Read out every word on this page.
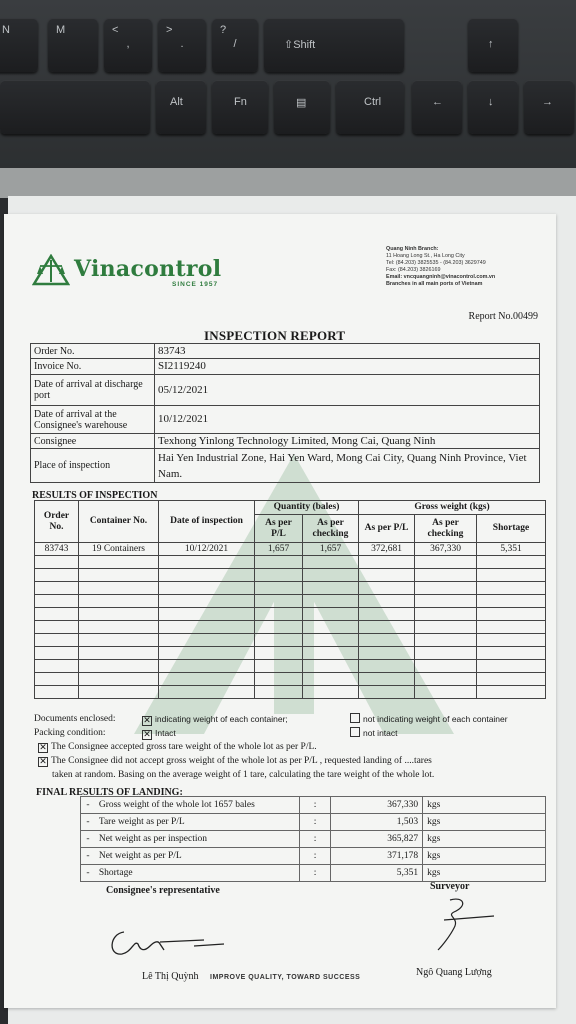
N	M	<
,
>
.
?
/	⇧Shift	↑
Alt	Fn	▤	Ctrl	←	↓	→
Vinacontrol
SINCE 1957
Quang Ninh Branch:
11 Hoang Long St., Ha Long City
Tel: (84.203) 3825535 - (84.203) 3629749
Fax: (84.203) 3826169
Email: vncquangninh@vinacontrol.com.vn
Branches in all main ports of Vietnam
Report No.00499
INSPECTION REPORT
Order No.	83743
Invoice No.	SI2119240
Date of arrival at discharge port	05/12/2021
Date of arrival at the Consignee's warehouse	10/12/2021
Consignee	Texhong Yinlong Technology Limited, Mong Cai, Quang Ninh
Place of inspection	Hai Yen Industrial Zone, Hai Yen Ward, Mong Cai City, Quang Ninh Province, Viet Nam.
RESULTS OF INSPECTION
Order No.	Container No.	Date of inspection	Quantity (bales)		Gross weight (kgs)		
			As per P/L	As per checking	As per P/L	As per checking	Shortage
83743	19 Containers	10/12/2021	1,657	1,657	372,681	367,330	5,351

Documents enclosed:	✕ indicating weight of each container;	not indicating weight of each container
Packing condition:	✕ Intact	not intact
✕ The Consignee accepted gross tare weight of the whole lot as per P/L.
✕ The Consignee did not accept gross weight of the whole lot as per P/L , requested landing of ....tares
taken at random. Basing on the average weight of 1 tare, calculating the tare weight of the whole lot.
FINAL RESULTS OF LANDING:
-	Gross weight of the whole lot 1657 bales	:	367,330	kgs
-	Tare weight as per P/L	:	1,503	kgs
-	Net weight as per inspection	:	365,827	kgs
-	Net weight as per P/L	:	371,178	kgs
-	Shortage	:	5,351	kgs
Consignee's representative	Surveyor
Lê Thị Quỳnh IMPROVE QUALITY, TOWARD SUCCESS	Ngô Quang Lượng
